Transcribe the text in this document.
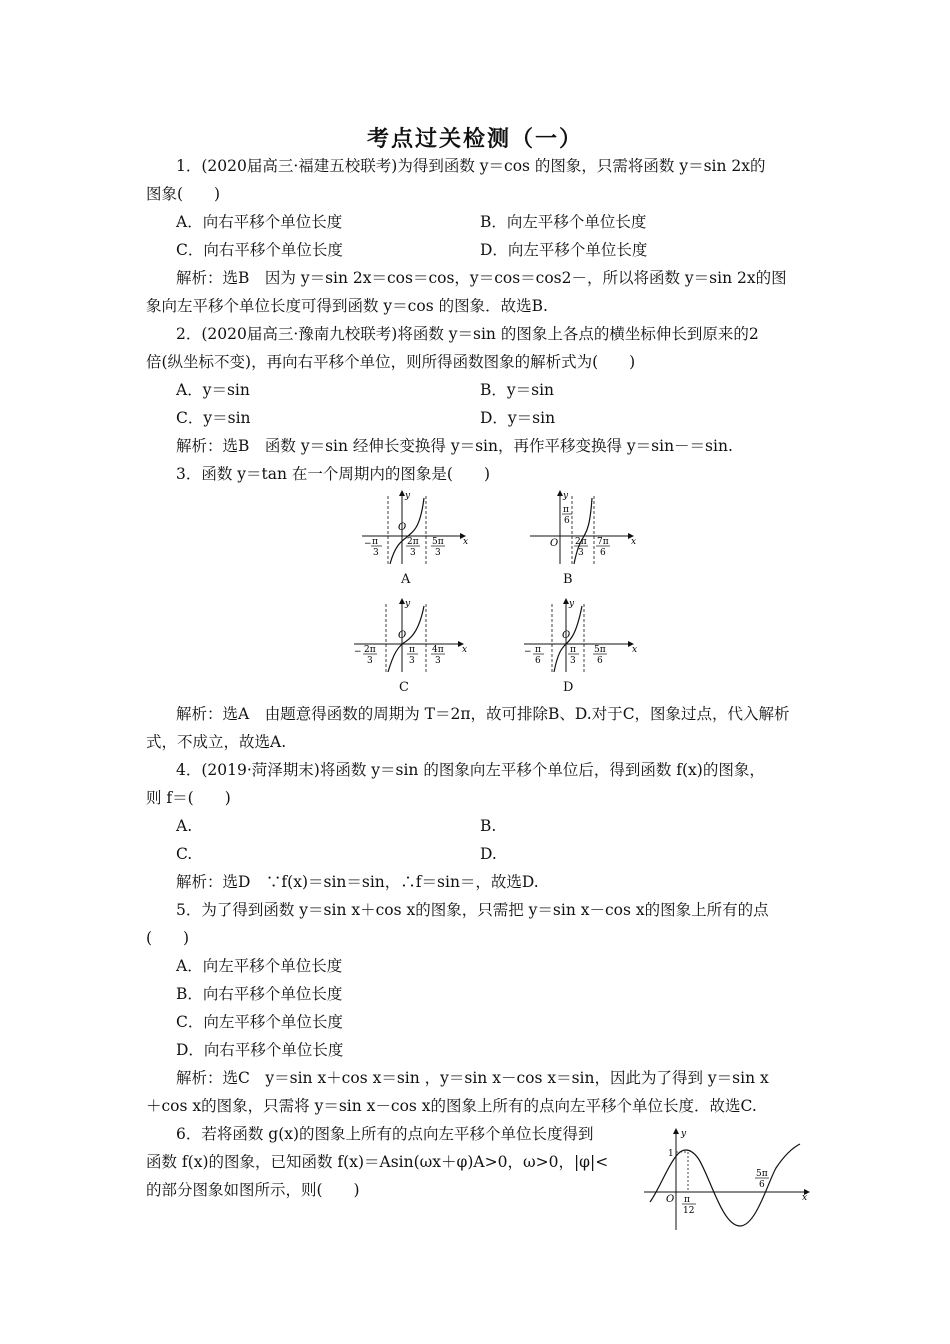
考点过关检测（一）
1．(2020届高三·福建五校联考)为得到函数 y＝cos 的图象，只需将函数 y＝sin 2x的
图象(　　)
A．向右平移个单位长度	B．向左平移个单位长度
C．向右平移个单位长度	D．向左平移个单位长度
解析：选B　因为 y＝sin 2x＝cos＝cos，y＝cos＝cos2－，所以将函数 y＝sin 2x的图
象向左平移个单位长度可得到函数 y＝cos 的图象．故选B.
2．(2020届高三·豫南九校联考)将函数 y＝sin 的图象上各点的横坐标伸长到原来的2
倍(纵坐标不变)，再向右平移个单位，则所得函数图象的解析式为(　　)
A．y＝sin	B．y＝sin
C．y＝sin	D．y＝sin
解析：选B　函数 y＝sin 经伸长变换得 y＝sin，再作平移变换得 y＝sin－＝sin.
3．函数 y＝tan 在一个周期内的图象是(　　)
y
x
O
− π
3
2π
3
5π
3
A
y
x
O
π
6
2π
3
7π
6
B
y
x
O
− 2π
3
π
3
4π
3
C
y
x
O
− π
6
π
3
5π
6
D
解析：选A　由题意得函数的周期为 T＝2π，故可排除B、D.对于C，图象过点，代入解析
式，不成立，故选A.
4．(2019·菏泽期末)将函数 y＝sin 的图象向左平移个单位后，得到函数 f(x)的图象，
则 f＝(　　)
A.	B.
C.	D.
解析：选D　∵f(x)＝sin＝sin，∴f＝sin＝，故选D.
5．为了得到函数 y＝sin x＋cos x的图象，只需把 y＝sin x－cos x的图象上所有的点
(　　)
A．向左平移个单位长度
B．向右平移个单位长度
C．向左平移个单位长度
D．向右平移个单位长度
解析：选C　y＝sin x＋cos x＝sin ，y＝sin x－cos x＝sin，因此为了得到 y＝sin x
＋cos x的图象，只需将 y＝sin x－cos x的图象上所有的点向左平移个单位长度．故选C.
6．若将函数 g(x)的图象上所有的点向左平移个单位长度得到
函数 f(x)的图象，已知函数 f(x)＝Asin(ωx＋φ)A>0，ω>0，|φ|<
的部分图象如图所示，则(　　)
y
x
O
1
π
12
5π
6
